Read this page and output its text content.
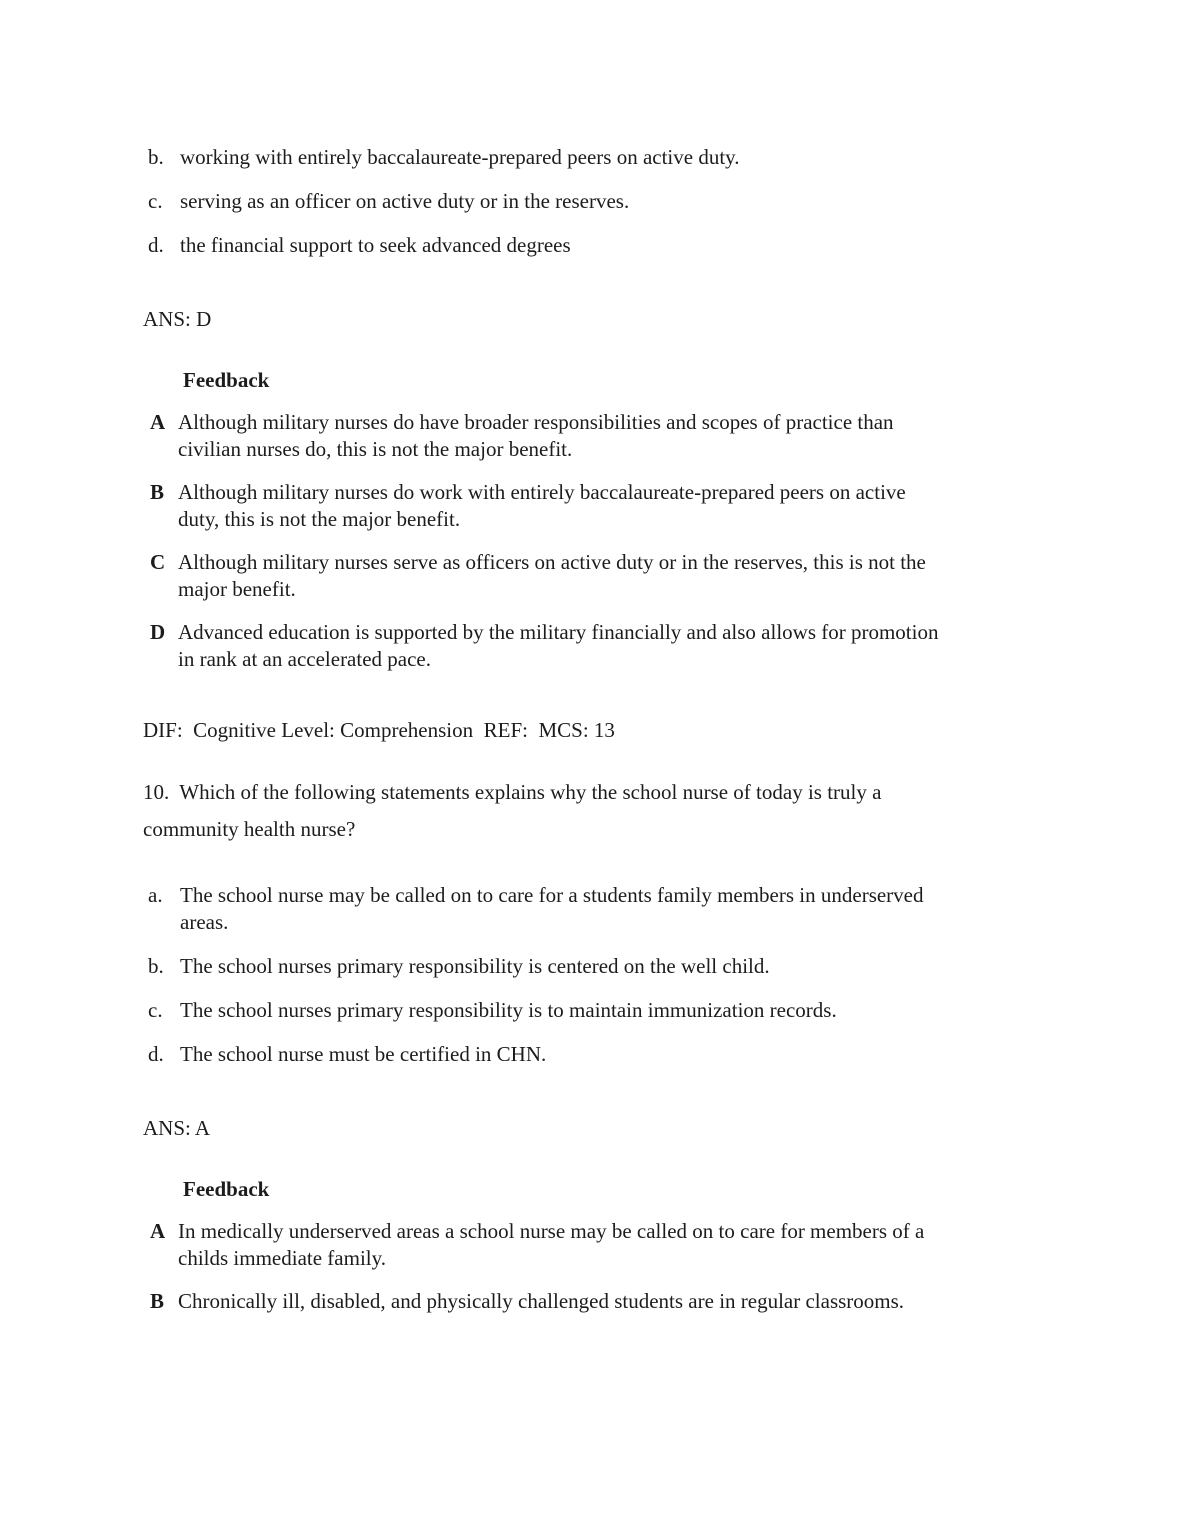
b. working with entirely baccalaureate-prepared peers on active duty.
c. serving as an officer on active duty or in the reserves.
d. the financial support to seek advanced degrees
ANS: D
Feedback
A Although military nurses do have broader responsibilities and scopes of practice than civilian nurses do, this is not the major benefit.
B Although military nurses do work with entirely baccalaureate-prepared peers on active duty, this is not the major benefit.
C Although military nurses serve as officers on active duty or in the reserves, this is not the major benefit.
D Advanced education is supported by the military financially and also allows for promotion in rank at an accelerated pace.
DIF:  Cognitive Level: Comprehension  REF:  MCS: 13

10. Which of the following statements explains why the school nurse of today is truly a community health nurse?

a. The school nurse may be called on to care for a students family members in underserved areas.
b. The school nurses primary responsibility is centered on the well child.
c. The school nurses primary responsibility is to maintain immunization records.
d. The school nurse must be certified in CHN.
ANS: A
Feedback
A In medically underserved areas a school nurse may be called on to care for members of a childs immediate family.
B Chronically ill, disabled, and physically challenged students are in regular classrooms.
